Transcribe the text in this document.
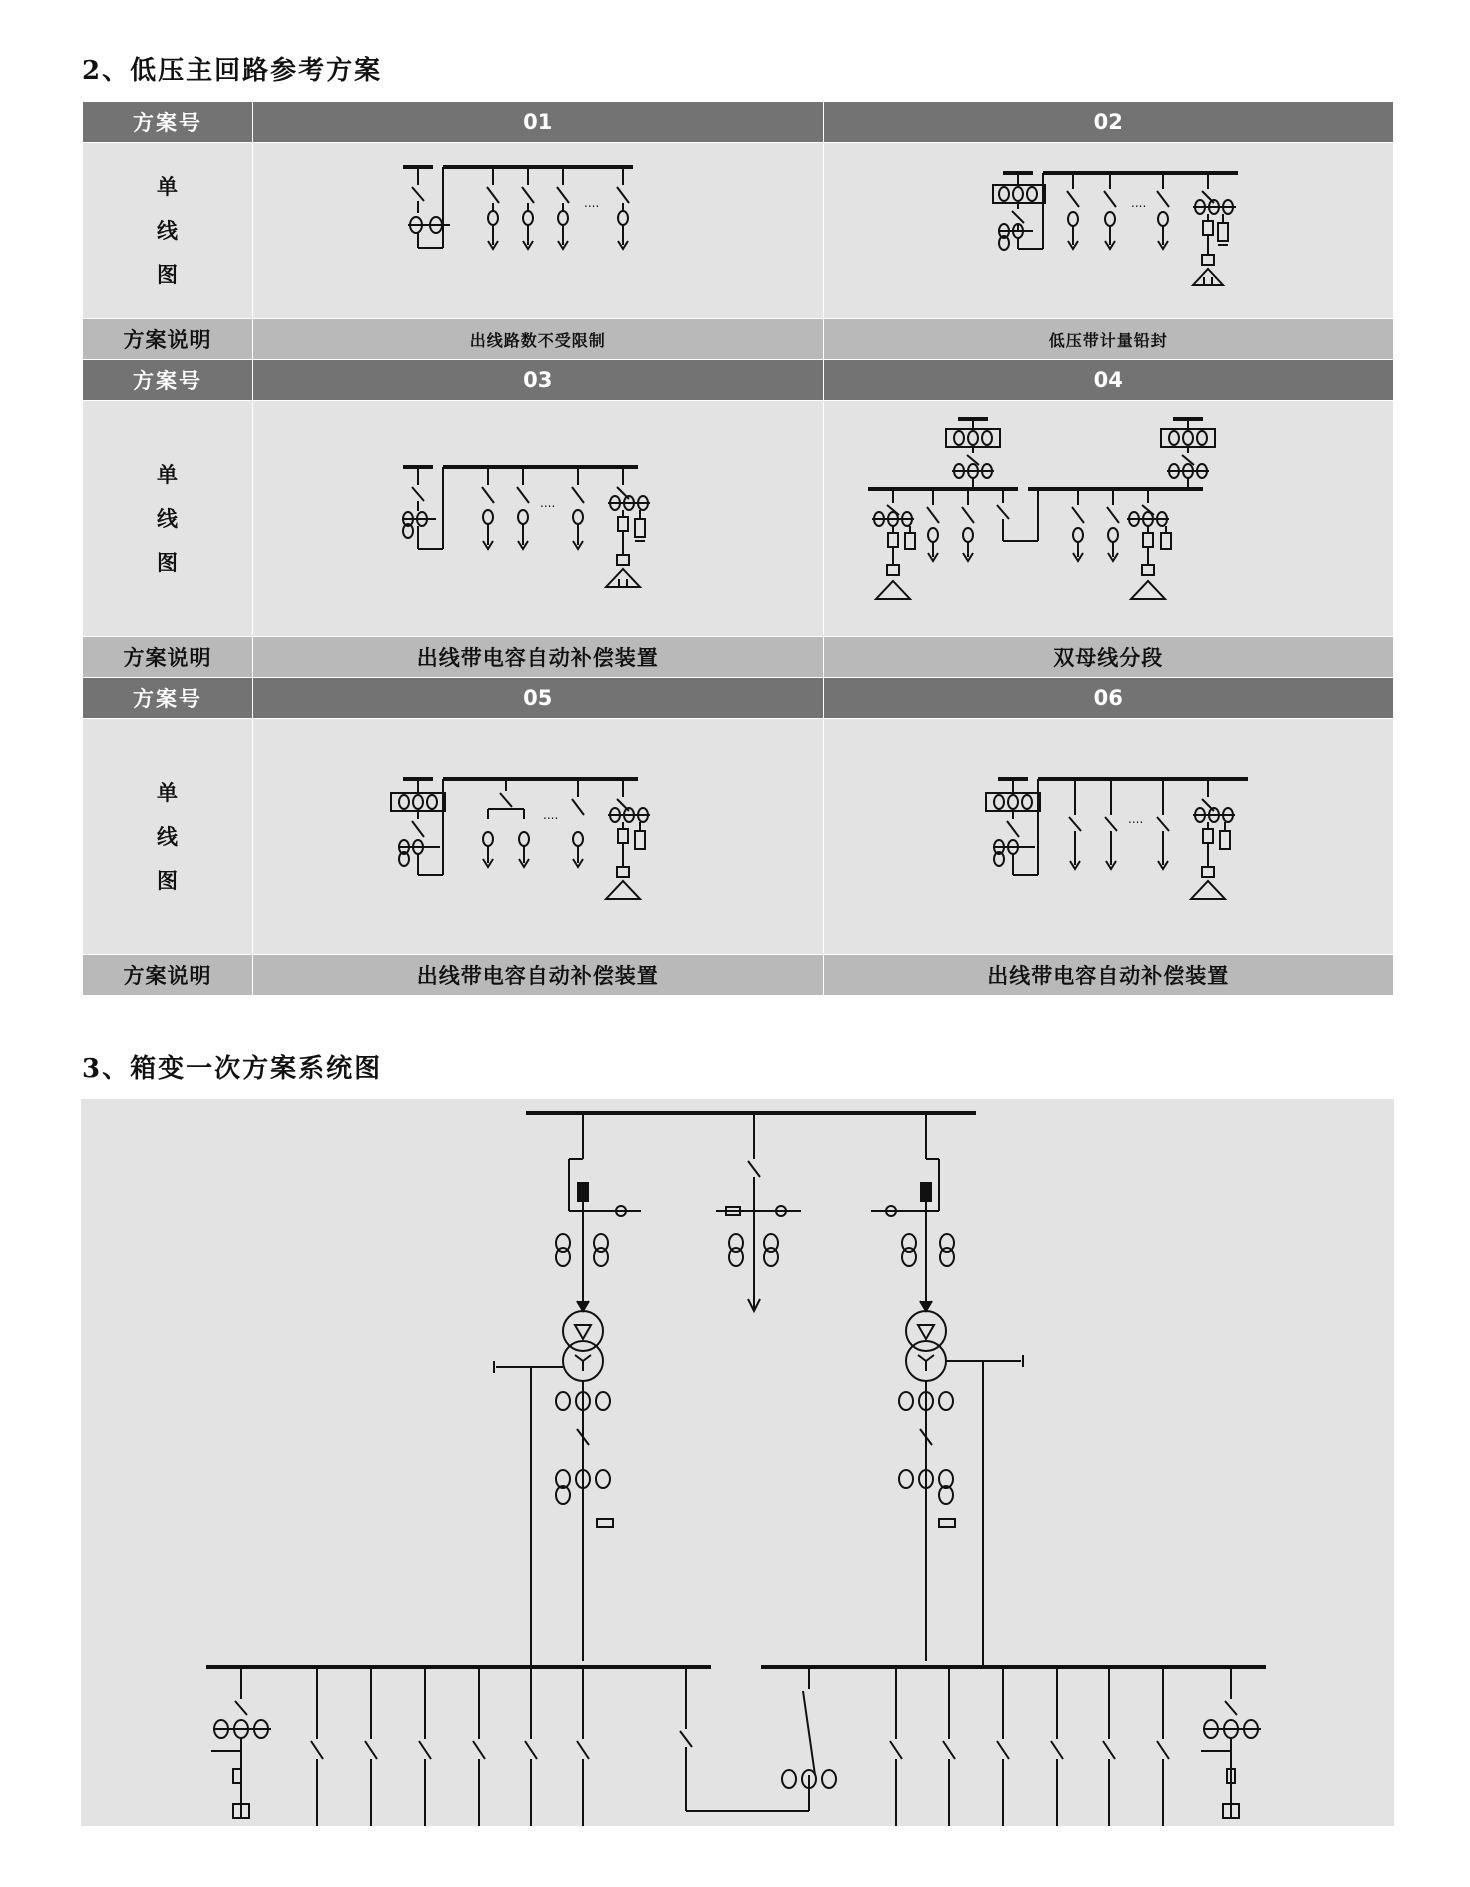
2、低压主回路参考方案
方案号	01	02

单
线
图	....	....

方案说明	出线路数不受限制	低压带计量铅封
方案号	03	04

单
线
图	....

方案说明	出线带电容自动补偿装置	双母线分段
方案号	05	06

单
线
图	....	....

方案说明	出线带电容自动补偿装置	出线带电容自动补偿装置
3、箱变一次方案系统图
